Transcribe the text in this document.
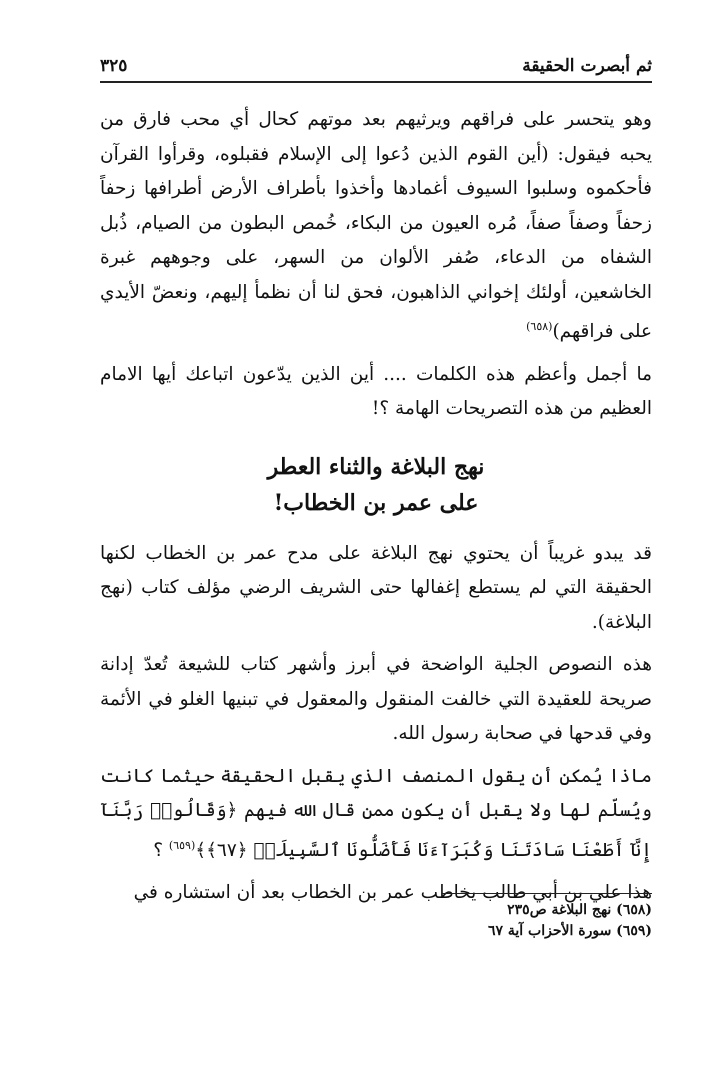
ثم أبصرت الحقيقة
٣٢٥

وهو يتحسر على فراقهم ويرثيهم بعد موتهم كحال أي محب فارق من يحبه فيقول: (أين القوم الذين دُعوا إلى الإسلام فقبلوه، وقرأوا القرآن فأحكموه وسلبوا السيوف أغمادها وأخذوا بأطراف الأرض أطرافها زحفاً زحفاً وصفاً صفاً، مُره العيون من البكاء، خُمص البطون من الصيام، ذُبل الشفاه من الدعاء، صُفر الألوان من السهر، على وجوههم غبرة الخاشعين، أولئك إخواني الذاهبون، فحق لنا أن نظمأ إليهم، ونعضّ الأيدي على فراقهم)$^{(٦٥٨)}$

ما أجمل وأعظم هذه الكلمات .... أين الذين يدّعون اتباعك أيها الامام العظيم من هذه التصريحات الهامة ؟!

نهج البلاغة والثناء العطر
على عمر بن الخطاب!

قد يبدو غريباً أن يحتوي نهج البلاغة على مدح عمر بن الخطاب لكنها الحقيقة التي لم يستطع إغفالها حتى الشريف الرضي مؤلف كتاب (نهج البلاغة).

هذه النصوص الجلية الواضحة في أبرز وأشهر كتاب للشيعة تُعدّ إدانة صريحة للعقيدة التي خالفت المنقول والمعقول في تبنيها الغلو في الأئمة وفي قدحها في صحابة رسول الله.

ماذا يُمكن أن يقول المنصف الذي يقبل الحقيقة حيثما كانت ويُسلّم لها ولا يقبل أن يكون ممن قال الله فيهم ﴿وَقَالُوا۟ رَبَّنَآ إِنَّآ أَطَعْنَا سَادَتَنَا وَكُبَرَآءَنَا فَأَضَلُّونَا ٱلسَّبِيلَا۠ ﴿٦٧﴾﴾$^{(٦٥٩)}$ ؟

هذا علي بن أبي طالب يخاطب عمر بن الخطاب بعد أن استشاره في

(٦٥٨) نهج البلاغة ص٢٣٥
(٦٥٩) سورة الأحزاب آية ٦٧
